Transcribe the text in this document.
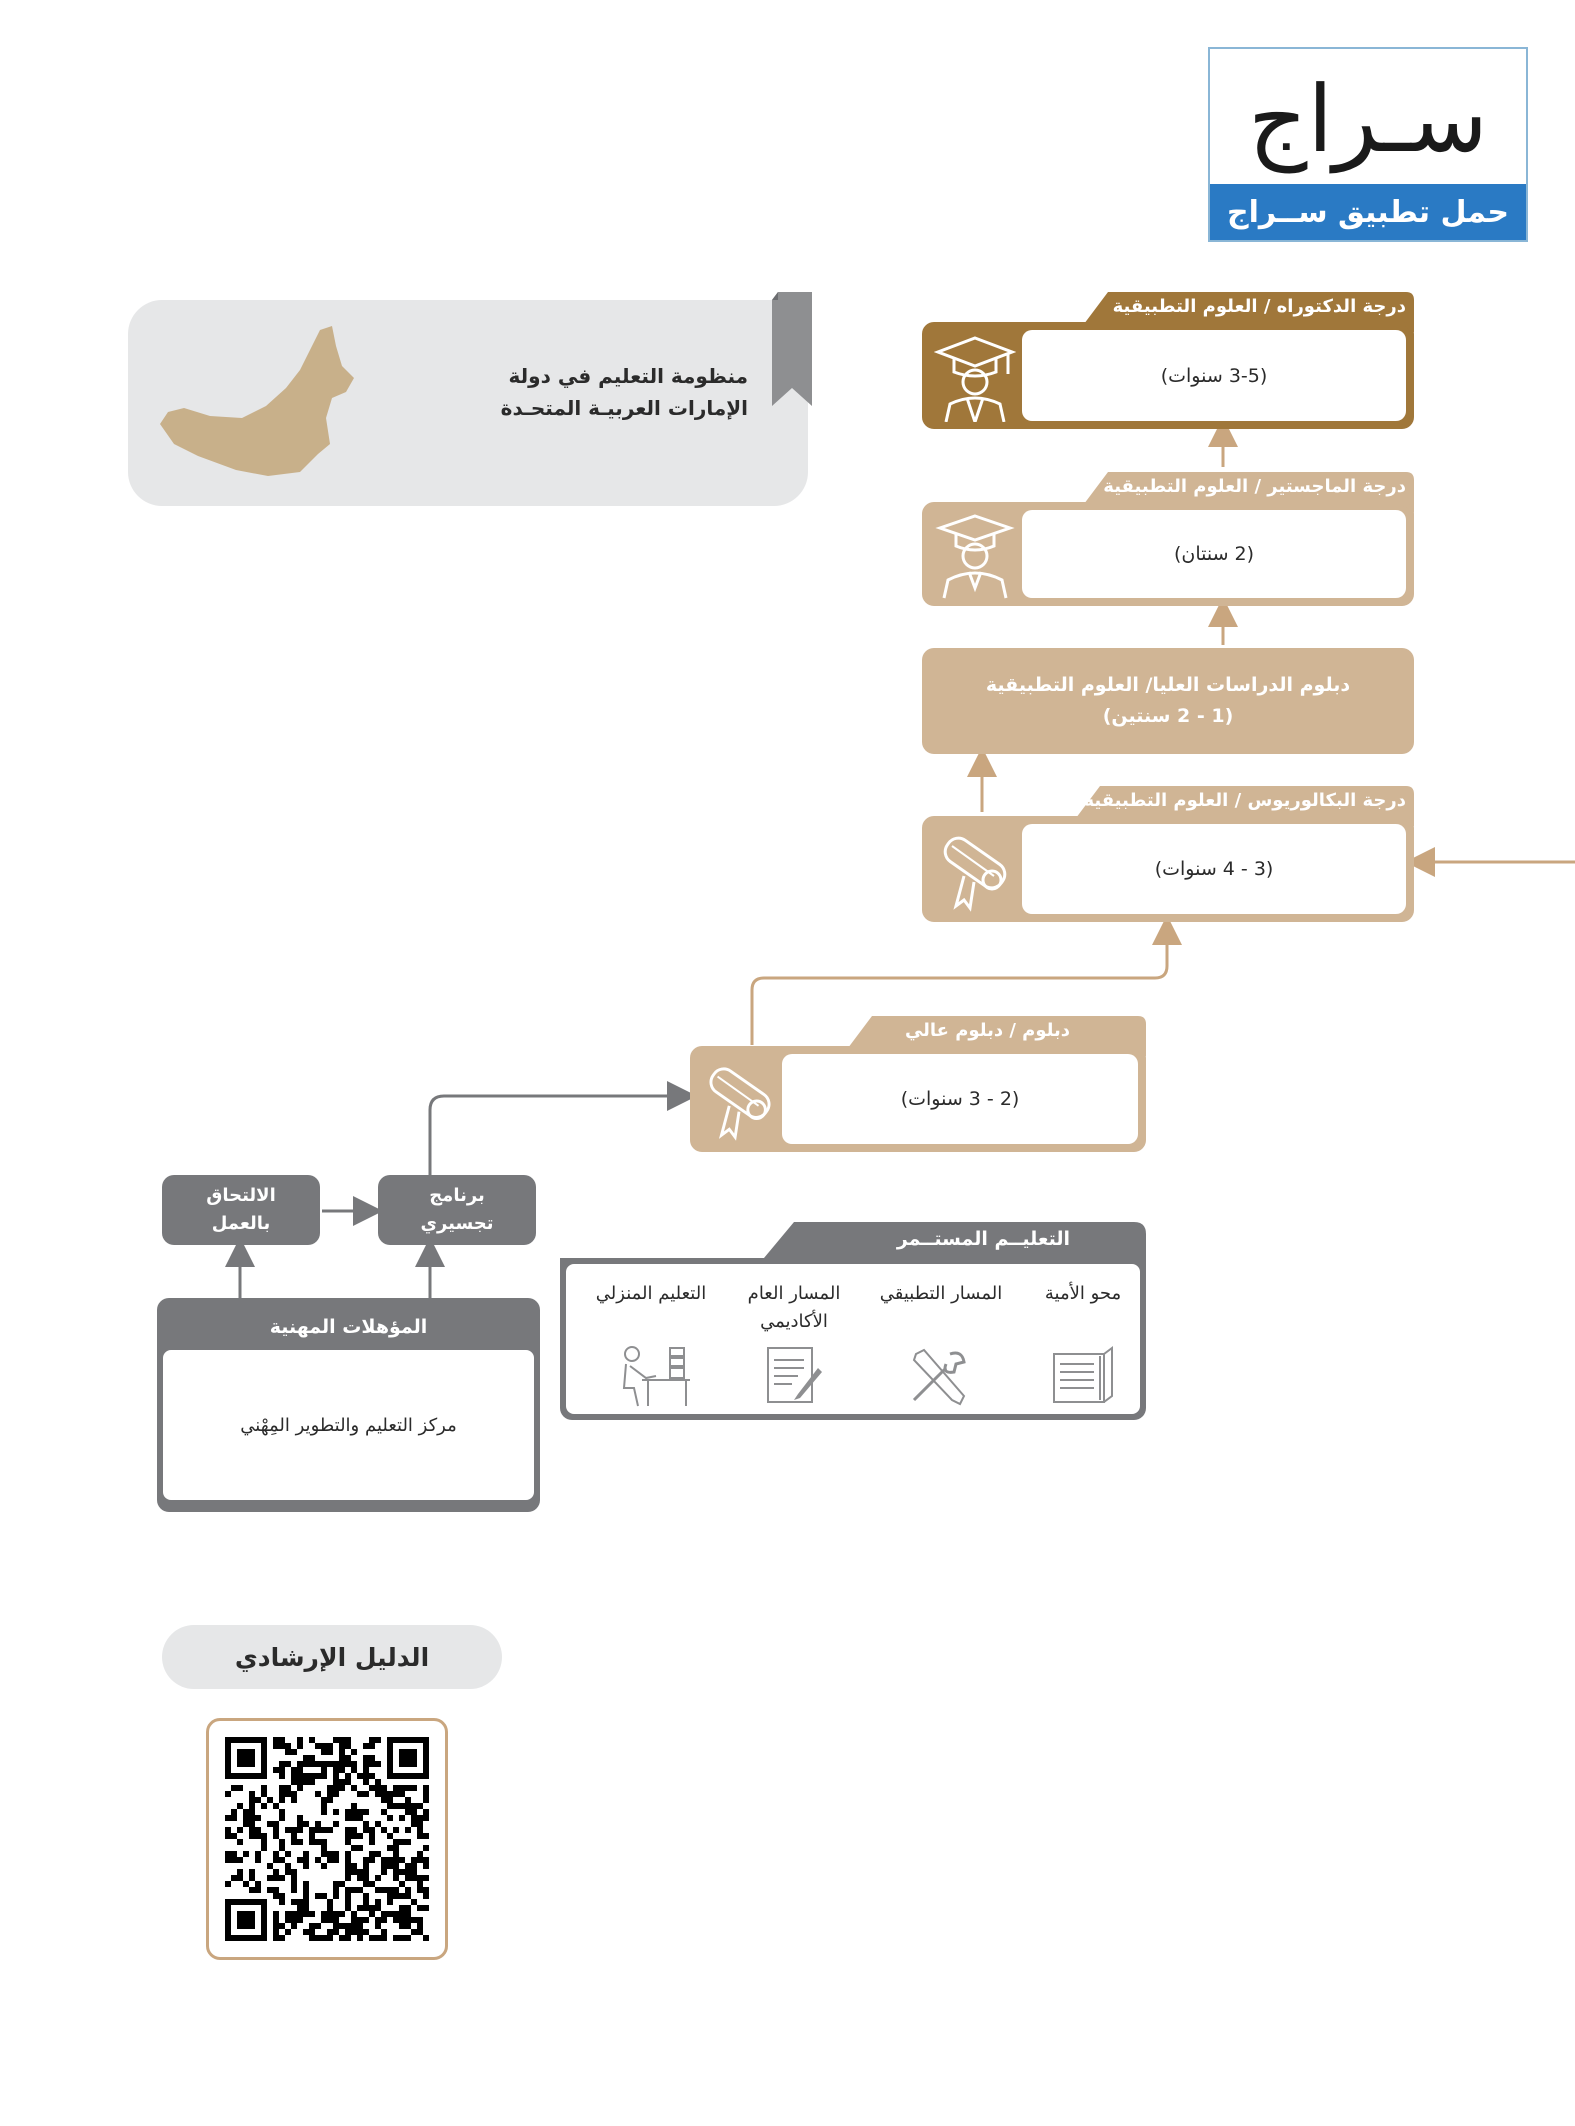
سـراج
حمل تطبيق ســراج
منظومة التعليم في دولة
الإمارات العربيـة المتحـدة
درجة الدكتوراه / العلوم التطبيقية
(3-5 سنوات)
درجة الماجستير / العلوم التطبيقية
(2 سنتان)
دبلوم الدراسات العليا/ العلوم التطبيقية
(1 - 2 سنتين)
درجة البكالوريوس / العلوم التطبيقية
(3 - 4 سنوات)
دبلوم / دبلوم عالي
(2 - 3 سنوات)
الالتحاق
بالعمل
برنامج
تجسيري
المؤهلات المهنية
مركز التعليم والتطوير المِهْني
التعليــم المستــمر
محو الأمية
المسار التطبيقي
المسار العام الأكاديمي
التعليم المنزلي
الدليل الإرشادي
